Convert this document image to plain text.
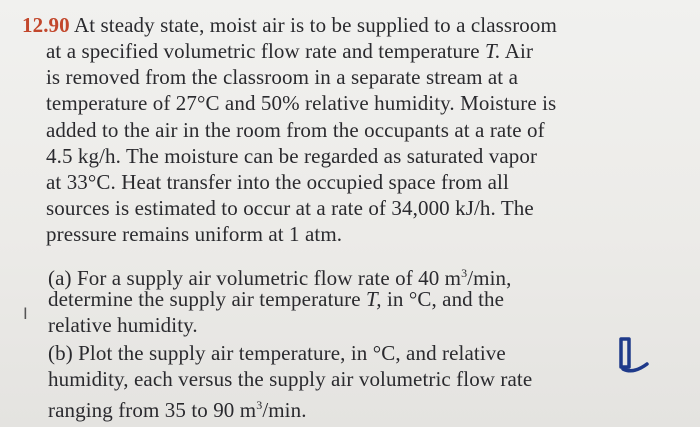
12.90 At steady state, moist air is to be supplied to a classroom
at a specified volumetric flow rate and temperature T. Air
is removed from the classroom in a separate stream at a
temperature of 27°C and 50% relative humidity. Moisture is
added to the air in the room from the occupants at a rate of
4.5 kg/h. The moisture can be regarded as saturated vapor
at 33°C. Heat transfer into the occupied space from all
sources is estimated to occur at a rate of 34,000 kJ/h. The
pressure remains uniform at 1 atm.
(a) For a supply air volumetric flow rate of 40 $m^3/\min$,
determine the supply air temperature T, in °C, and the
relative humidity.
(b) Plot the supply air temperature, in °C, and relative
humidity, each versus the supply air volumetric flow rate
ranging from 35 to 90 $m^3/\min$.
I
